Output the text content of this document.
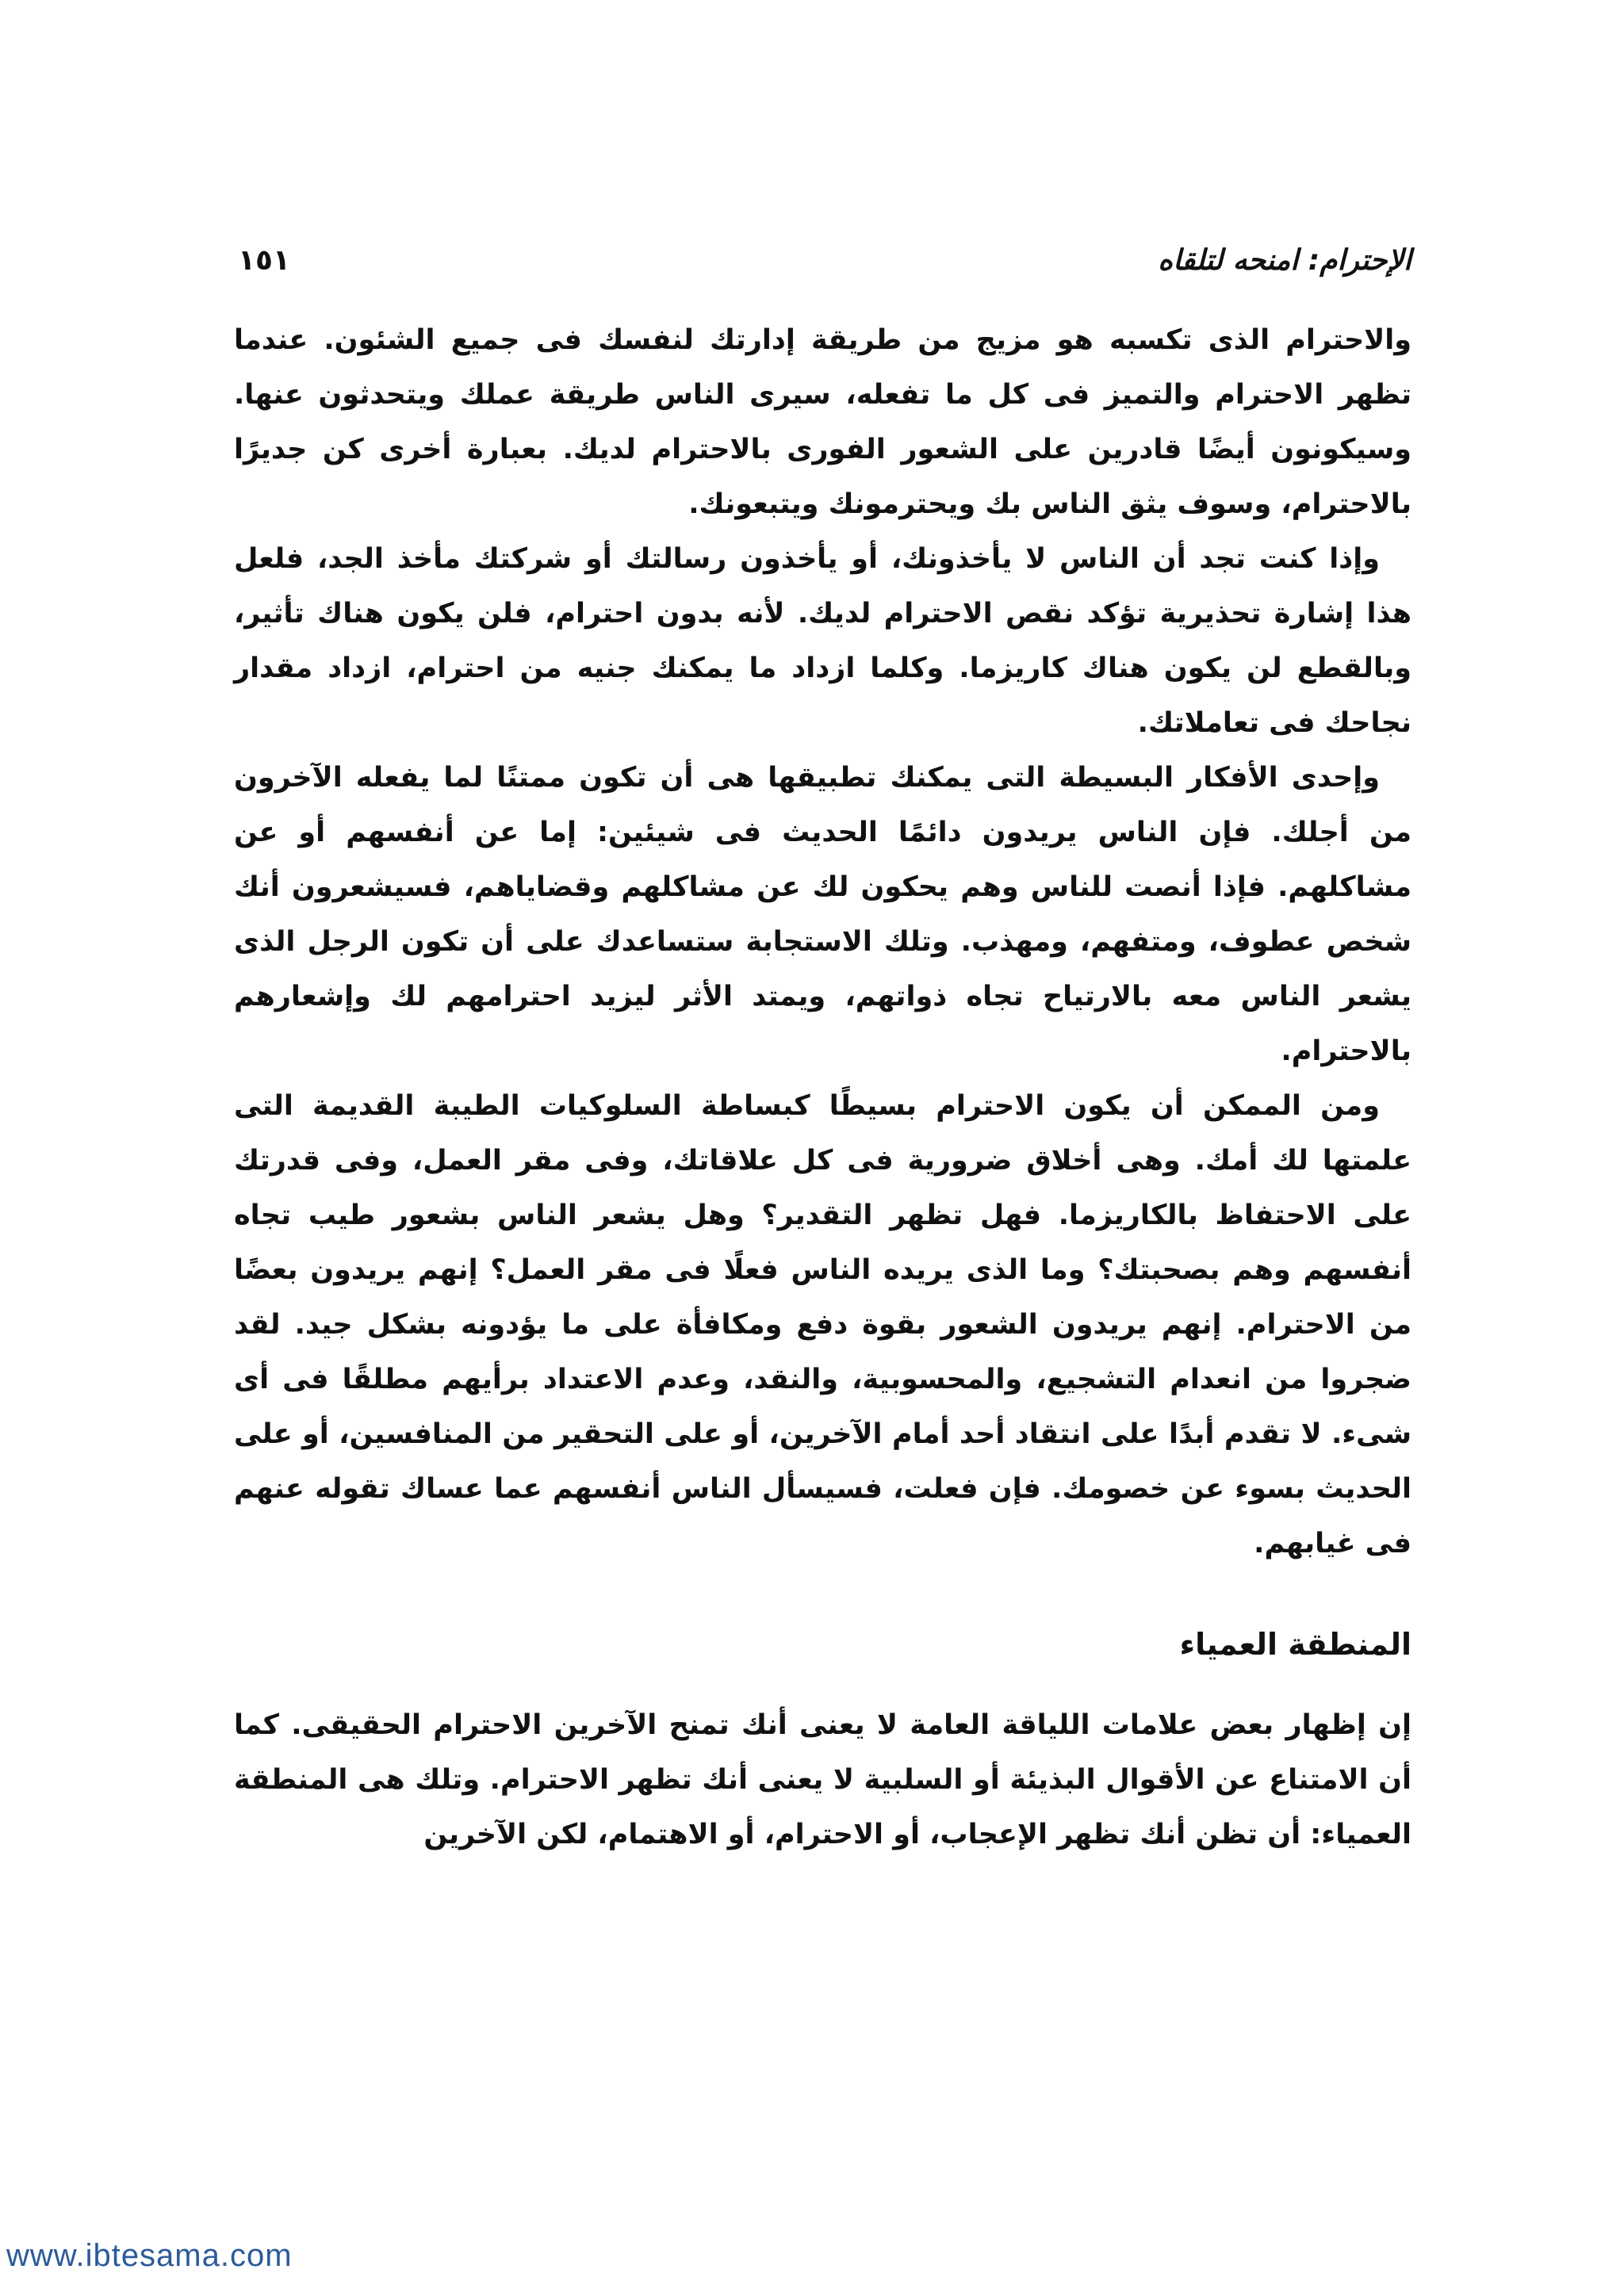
الإحترام: امنحه لتلقاه
١٥١

والاحترام الذى تكسبه هو مزيج من طريقة إدارتك لنفسك فى جميع الشئون. عندما تظهر الاحترام والتميز فى كل ما تفعله، سيرى الناس طريقة عملك ويتحدثون عنها. وسيكونون أيضًا قادرين على الشعور الفورى بالاحترام لديك. بعبارة أخرى كن جديرًا بالاحترام، وسوف يثق الناس بك ويحترمونك ويتبعونك.

وإذا كنت تجد أن الناس لا يأخذونك، أو يأخذون رسالتك أو شركتك مأخذ الجد، فلعل هذا إشارة تحذيرية تؤكد نقص الاحترام لديك. لأنه بدون احترام، فلن يكون هناك تأثير، وبالقطع لن يكون هناك كاريزما. وكلما ازداد ما يمكنك جنيه من احترام، ازداد مقدار نجاحك فى تعاملاتك.

وإحدى الأفكار البسيطة التى يمكنك تطبيقها هى أن تكون ممتنًا لما يفعله الآخرون من أجلك. فإن الناس يريدون دائمًا الحديث فى شيئين: إما عن أنفسهم أو عن مشاكلهم. فإذا أنصت للناس وهم يحكون لك عن مشاكلهم وقضاياهم، فسيشعرون أنك شخص عطوف، ومتفهم، ومهذب. وتلك الاستجابة ستساعدك على أن تكون الرجل الذى يشعر الناس معه بالارتياح تجاه ذواتهم، ويمتد الأثر ليزيد احترامهم لك وإشعارهم بالاحترام.

ومن الممكن أن يكون الاحترام بسيطًا كبساطة السلوكيات الطيبة القديمة التى علمتها لك أمك. وهى أخلاق ضرورية فى كل علاقاتك، وفى مقر العمل، وفى قدرتك على الاحتفاظ بالكاريزما. فهل تظهر التقدير؟ وهل يشعر الناس بشعور طيب تجاه أنفسهم وهم بصحبتك؟ وما الذى يريده الناس فعلًا فى مقر العمل؟ إنهم يريدون بعضًا من الاحترام. إنهم يريدون الشعور بقوة دفع ومكافأة على ما يؤدونه بشكل جيد. لقد ضجروا من انعدام التشجيع، والمحسوبية، والنقد، وعدم الاعتداد برأيهم مطلقًا فى أى شىء. لا تقدم أبدًا على انتقاد أحد أمام الآخرين، أو على التحقير من المنافسين، أو على الحديث بسوء عن خصومك. فإن فعلت، فسيسأل الناس أنفسهم عما عساك تقوله عنهم فى غيابهم.

المنطقة العمياء

إن إظهار بعض علامات اللياقة العامة لا يعنى أنك تمنح الآخرين الاحترام الحقيقى. كما أن الامتناع عن الأقوال البذيئة أو السلبية لا يعنى أنك تظهر الاحترام. وتلك هى المنطقة العمياء: أن تظن أنك تظهر الإعجاب، أو الاحترام، أو الاهتمام، لكن الآخرين

www.ibtesama.com
